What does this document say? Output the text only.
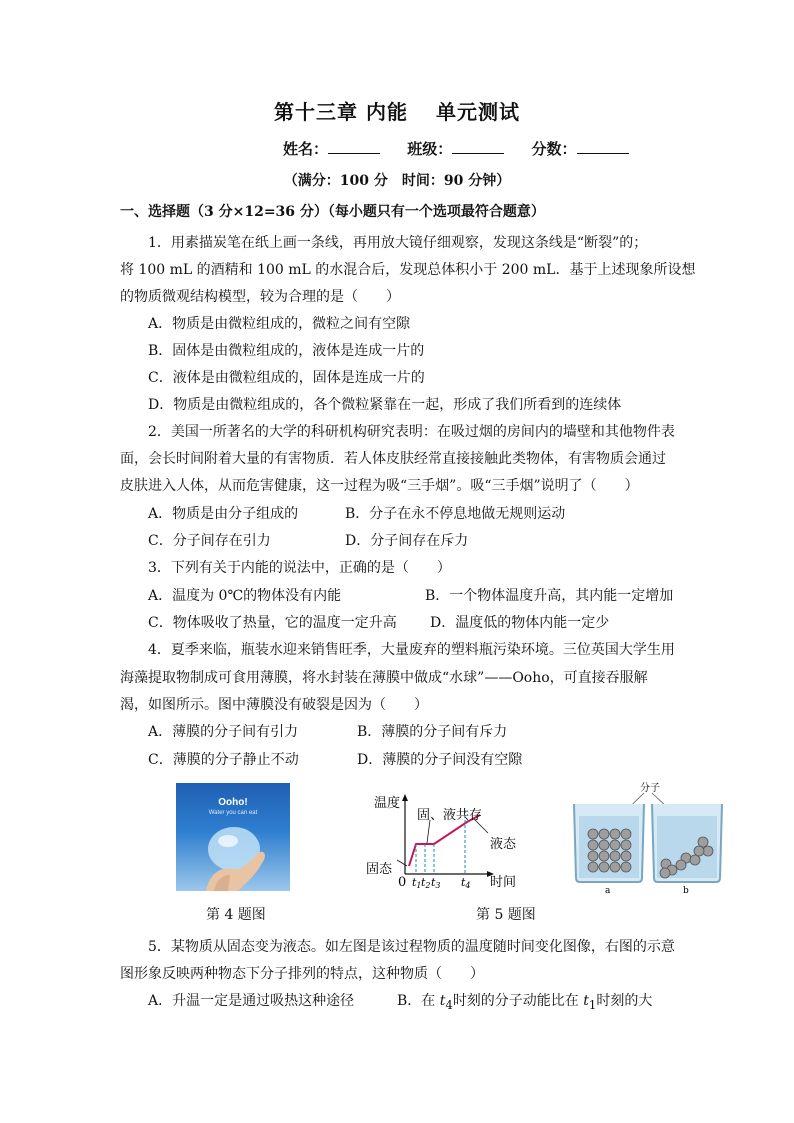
第十三章 内能 单元测试
姓名：	班级：	分数：
（满分：100 分　时间：90 分钟）
一、选择题（3 分×12=36 分）（每小题只有一个选项最符合题意）
1．用素描炭笔在纸上画一条线，再用放大镜仔细观察，发现这条线是“断裂”的；
将 100 mL 的酒精和 100 mL 的水混合后，发现总体积小于 200 mL．基于上述现象所设想
的物质微观结构模型，较为合理的是（　　）
A．物质是由微粒组成的，微粒之间有空隙
B．固体是由微粒组成的，液体是连成一片的
C．液体是由微粒组成的，固体是连成一片的
D．物质是由微粒组成的，各个微粒紧靠在一起，形成了我们所看到的连续体
2．美国一所著名的大学的科研机构研究表明：在吸过烟的房间内的墙壁和其他物件表
面，会长时间附着大量的有害物质．若人体皮肤经常直接接触此类物体，有害物质会通过
皮肤进入人体，从而危害健康，这一过程为吸“三手烟”。吸“三手烟”说明了（　　）
A．物质是由分子组成的	B．分子在永不停息地做无规则运动
C．分子间存在引力	D．分子间存在斥力
3．下列有关于内能的说法中，正确的是（　　）
A．温度为 0℃的物体没有内能	B．一个物体温度升高，其内能一定增加
C．物体吸收了热量，它的温度一定升高 D．温度低的物体内能一定少
4．夏季来临，瓶装水迎来销售旺季，大量废弃的塑料瓶污染环境。三位英国大学生用
海藻提取物制成可食用薄膜，将水封装在薄膜中做成“水球”——Ooho，可直接吞服解
渴，如图所示。图中薄膜没有破裂是因为（　　）
A．薄膜的分子间有引力	B．薄膜的分子间有斥力
C．薄膜的分子静止不动	D．薄膜的分子间没有空隙
Ooho!
Water you can eat
温度
固、液共存
液态
固态
0	时间
t1 t2 t3 t4
分子
a	b
第 4 题图	第 5 题图
5．某物质从固态变为液态。如左图是该过程物质的温度随时间变化图像，右图的示意
图形象反映两种物态下分子排列的特点，这种物质（　　）
A．升温一定是通过吸热这种途径	B．在 $t_4$时刻的分子动能比在 $t_1$时刻的大
